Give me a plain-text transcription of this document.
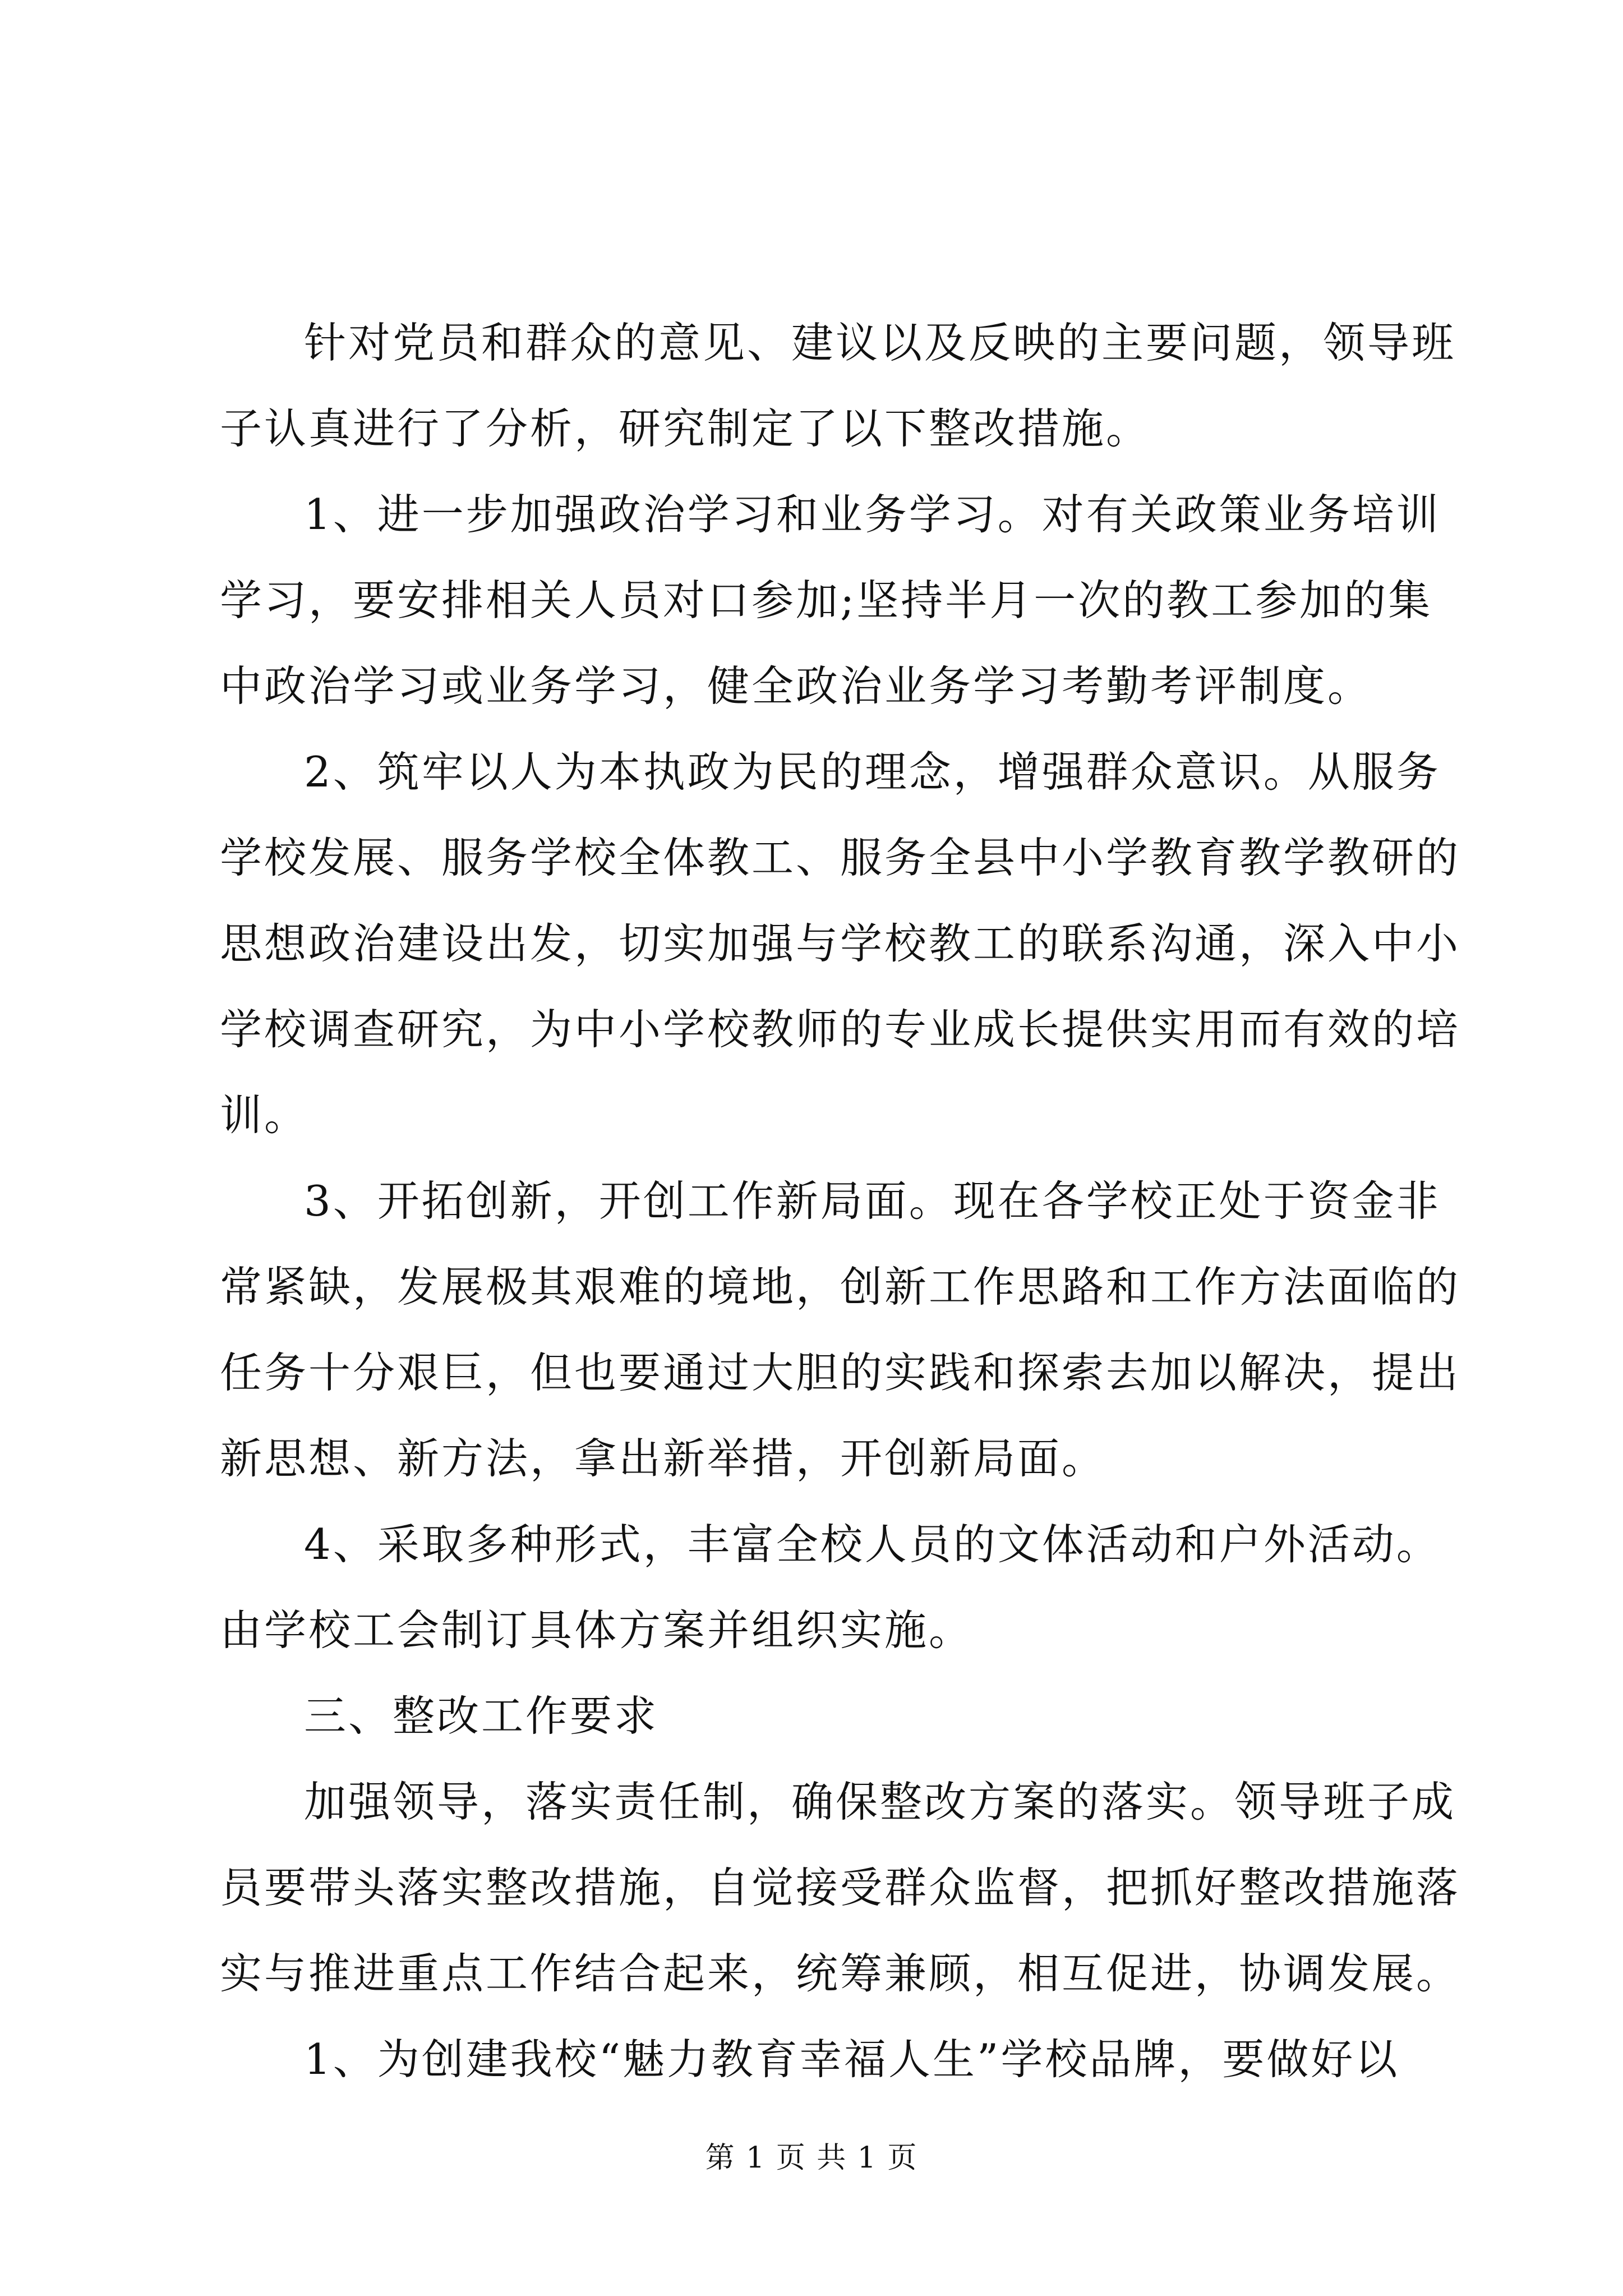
针对党员和群众的意见、建议以及反映的主要问题，领导班
子认真进行了分析，研究制定了以下整改措施。
1、进一步加强政治学习和业务学习。对有关政策业务培训
学习，要安排相关人员对口参加;坚持半月一次的教工参加的集
中政治学习或业务学习，健全政治业务学习考勤考评制度。
2、筑牢以人为本执政为民的理念，增强群众意识。从服务
学校发展、服务学校全体教工、服务全县中小学教育教学教研的
思想政治建设出发，切实加强与学校教工的联系沟通，深入中小
学校调查研究，为中小学校教师的专业成长提供实用而有效的培
训。
3、开拓创新，开创工作新局面。现在各学校正处于资金非
常紧缺，发展极其艰难的境地，创新工作思路和工作方法面临的
任务十分艰巨，但也要通过大胆的实践和探索去加以解决，提出
新思想、新方法，拿出新举措，开创新局面。
4、采取多种形式，丰富全校人员的文体活动和户外活动。
由学校工会制订具体方案并组织实施。
三、整改工作要求
加强领导，落实责任制，确保整改方案的落实。领导班子成
员要带头落实整改措施，自觉接受群众监督，把抓好整改措施落
实与推进重点工作结合起来，统筹兼顾，相互促进，协调发展。
1、为创建我校“魅力教育幸福人生”学校品牌，要做好以
第 1 页 共 1 页
